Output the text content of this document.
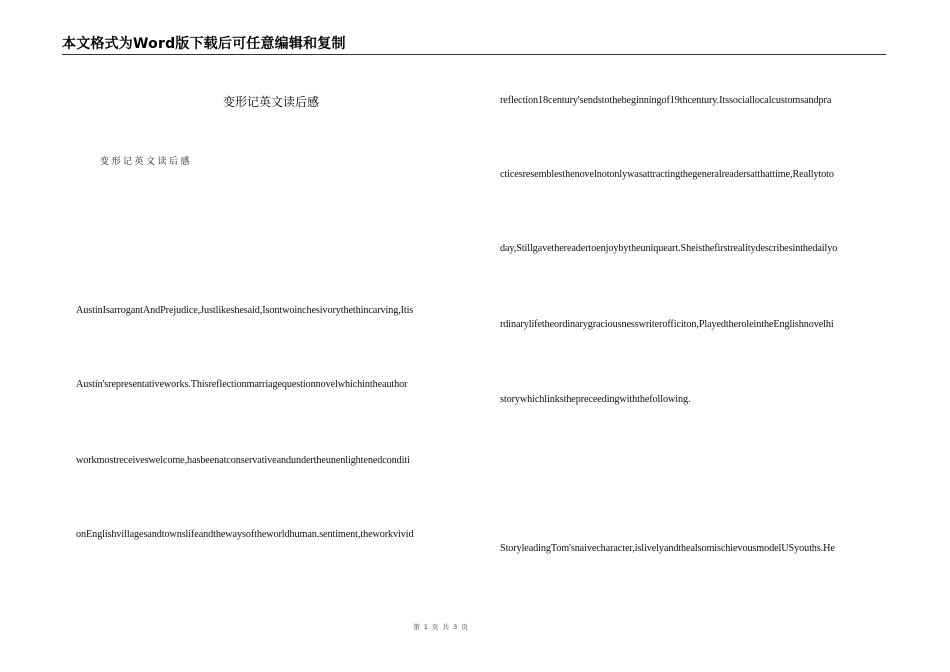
本文格式为Word版下载后可任意编辑和复制
变形记英文读后感
变形记英文读后感
AustinIsarrogantAndPrejudice,Justlikeshesaid,Isontwoinchesivorythethincarving,Itis
Austin'srepresentativeworks.Thisreflectionmarriagequestionnovelwhichintheauthor
workmostreceiveswelcome,hasbeenatconservativeandundertheunenlightenedconditi
onEnglishvillagesandtownslifeandthewaysoftheworldhuman.sentiment,theworkvivid
reflection18century'sendstothebeginningof19thcentury.Itssociallocalcustomsandpra
cticesresemblesthenovelnotonlywasattractingthegeneralreadersatthattime,Reallytoto
day,Stillgavethereadertoenjoybytheuniqueart.Sheisthefirstrealitydescribesinthedailyo
rdinarylifetheordinarygraciousnesswriterofficiton,PlayedtheroleintheEnglishnovelhi
storywhichlinksthepreceedingwiththefollowing.
StoryleadingTom'snaivecharacter,islivelyandthealsomischievousmodelUSyouths.He
第 1 页 共 3 页
